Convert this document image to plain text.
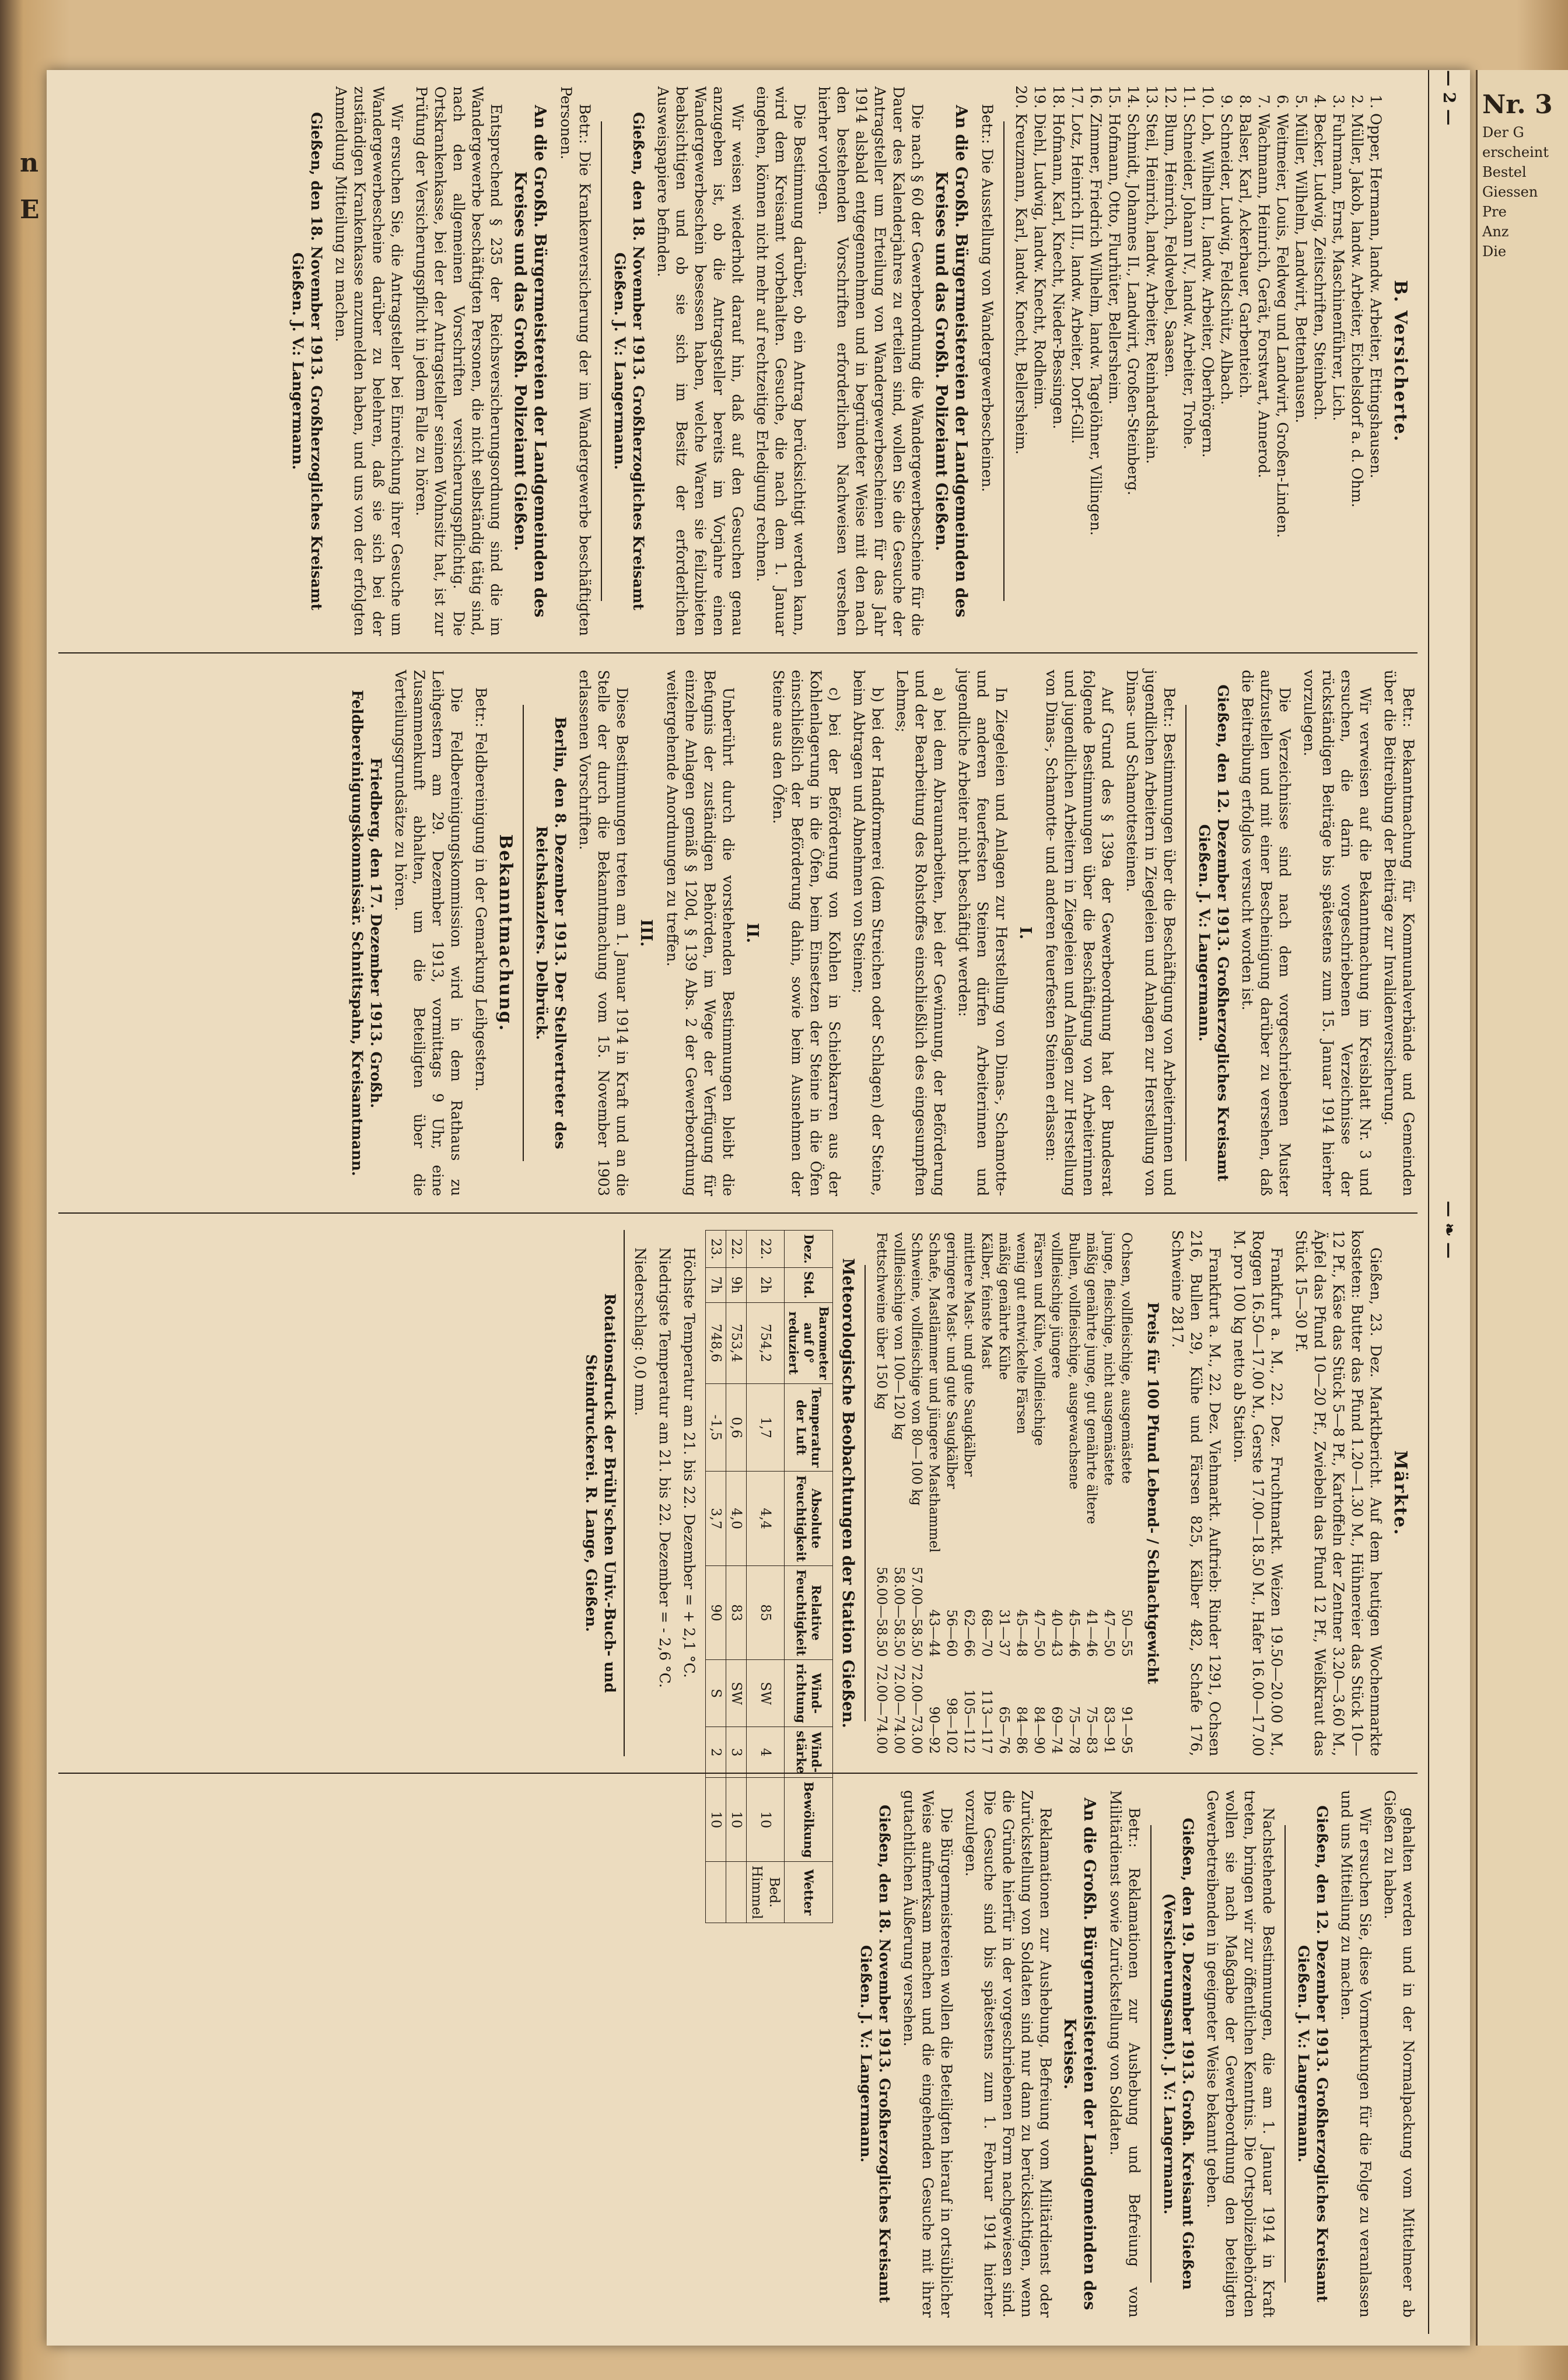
n E
— 2 —
— ❧ —
B. Versicherte.
1. Opper, Hermann, landw. Arbeiter, Ettingshausen.
2. Müller, Jakob, landw. Arbeiter, Eichelsdorf a. d. Ohm.
3. Fuhrmann, Ernst, Maschinenführer, Lich.
4. Becker, Ludwig, Zeitschriften, Steinbach.
5. Müller, Wilhelm, Landwirt, Bettenhausen.
6. Weitmeier, Louis, Feldweg und Landwirt, Großen-Linden.
7. Wachmann, Heinrich, Gerät, Forstwart, Annerod.
8. Balser, Karl, Ackerbauer, Garbenteich.
9. Schneider, Ludwig, Feldschütz, Albach.
10. Loh, Wilhelm I., landw. Arbeiter, Oberhörgern.
11. Schneider, Johann IV., landw. Arbeiter, Trohe.
12. Blum, Heinrich, Feldwebel, Saasen.
13. Steil, Heinrich, landw. Arbeiter, Reinhardshain.
14. Schmidt, Johannes II., Landwirt, Großen-Steinberg.
15. Hofmann, Otto, Flurhüter, Bellersheim.
16. Zimmer, Friedrich Wilhelm, landw. Tagelöhner, Villingen.
17. Lotz, Heinrich III., landw. Arbeiter, Dorf-Gill.
18. Hofmann, Karl, Knecht, Nieder-Bessingen.
19. Diehl, Ludwig, landw. Knecht, Rodheim.
20. Kreuzmann, Karl, landw. Knecht, Bellersheim.

Betr.: Die Ausstellung von Wandergewerbescheinen.

An die Großh. Bürgermeistereien der Landgemeinden des Kreises und das Großh. Polizeiamt Gießen.

Die nach § 60 der Gewerbeordnung die Wandergewerbescheine für die Dauer des Kalenderjahres zu erteilen sind, wollen Sie die Gesuche der Antragsteller um Erteilung von Wandergewerbescheinen für das Jahr 1914 alsbald entgegennehmen und in begründeter Weise mit den nach den bestehenden Vorschriften erforderlichen Nachweisen versehen hierher vorlegen.

Die Bestimmung darüber, ob ein Antrag berücksichtigt werden kann, wird dem Kreisamt vorbehalten. Gesuche, die nach dem 1. Januar eingehen, können nicht mehr auf rechtzeitige Erledigung rechnen.

Wir weisen wiederholt darauf hin, daß auf den Gesuchen genau anzugeben ist, ob die Antragsteller bereits im Vorjahre einen Wandergewerbeschein besessen haben, welche Waren sie feilzubieten beabsichtigen und ob sie sich im Besitz der erforderlichen Ausweispapiere befinden.

Gießen, den 18. November 1913. Großherzogliches Kreisamt Gießen. J. V.: Langermann.

Betr.: Die Krankenversicherung der im Wandergewerbe beschäftigten Personen.

An die Großh. Bürgermeistereien der Landgemeinden des Kreises und das Großh. Polizeiamt Gießen.

Entsprechend § 235 der Reichsversicherungsordnung sind die im Wandergewerbe beschäftigten Personen, die nicht selbständig tätig sind, nach den allgemeinen Vorschriften versicherungspflichtig. Die Ortskrankenkasse, bei der der Antragsteller seinen Wohnsitz hat, ist zur Prüfung der Versicherungspflicht in jedem Falle zu hören.

Wir ersuchen Sie, die Antragsteller bei Einreichung ihrer Gesuche um Wandergewerbescheine darüber zu belehren, daß sie sich bei der zuständigen Krankenkasse anzumelden haben, und uns von der erfolgten Anmeldung Mitteilung zu machen.

Gießen, den 18. November 1913. Großherzogliches Kreisamt Gießen. J. V.: Langermann.

Betr.: Bekanntmachung für Kommunalverbände und Gemeinden über die Beitreibung der Beiträge zur Invalidenversicherung.

Wir verweisen auf die Bekanntmachung im Kreisblatt Nr. 3 und ersuchen, die darin vorgeschriebenen Verzeichnisse der rückständigen Beiträge bis spätestens zum 15. Januar 1914 hierher vorzulegen.

Die Verzeichnisse sind nach dem vorgeschriebenen Muster aufzustellen und mit einer Bescheinigung darüber zu versehen, daß die Beitreibung erfolglos versucht worden ist.

Gießen, den 12. Dezember 1913. Großherzogliches Kreisamt Gießen. J. V.: Langermann.

Betr.: Bestimmungen über die Beschäftigung von Arbeiterinnen und jugendlichen Arbeitern in Ziegeleien und Anlagen zur Herstellung von Dinas- und Schamottesteinen.

Auf Grund des § 139a der Gewerbeordnung hat der Bundesrat folgende Bestimmungen über die Beschäftigung von Arbeiterinnen und jugendlichen Arbeitern in Ziegeleien und Anlagen zur Herstellung von Dinas-, Schamotte- und anderen feuerfesten Steinen erlassen:

I.

In Ziegeleien und Anlagen zur Herstellung von Dinas-, Schamotte- und anderen feuerfesten Steinen dürfen Arbeiterinnen und jugendliche Arbeiter nicht beschäftigt werden:

a) bei dem Abraumarbeiten, bei der Gewinnung, der Beförderung und der Bearbeitung des Rohstoffes einschließlich des eingesumpften Lehmes;

b) bei der Handformerei (dem Streichen oder Schlagen) der Steine, beim Abtragen und Abnehmen von Steinen;

c) bei der Beförderung von Kohlen in Schiebkarren aus der Kohlenlagerung in die Öfen, beim Einsetzen der Steine in die Öfen einschließlich der Beförderung dahin, sowie beim Ausnehmen der Steine aus den Öfen.

II.

Unberührt durch die vorstehenden Bestimmungen bleibt die Befugnis der zuständigen Behörden, im Wege der Verfügung für einzelne Anlagen gemäß § 120d, § 139 Abs. 2 der Gewerbeordnung weitergehende Anordnungen zu treffen.

III.

Diese Bestimmungen treten am 1. Januar 1914 in Kraft und an die Stelle der durch die Bekanntmachung vom 15. November 1903 erlassenen Vorschriften.

Berlin, den 8. Dezember 1913. Der Stellvertreter des Reichskanzlers. Delbrück.

Bekanntmachung.

Betr.: Feldbereinigung in der Gemarkung Leihgestern.

Die Feldbereinigungskommission wird in dem Rathaus zu Leihgestern am 29. Dezember 1913, vormittags 9 Uhr, eine Zusammenkunft abhalten, um die Beteiligten über die Verteilungsgrundsätze zu hören.

Friedberg, den 17. Dezember 1913. Großh. Feldbereinigungskommissär. Schnittspahn, Kreisamtmann.

Märkte.

Gießen, 23. Dez. Marktbericht. Auf dem heutigen Wochenmarkte kosteten: Butter das Pfund 1.20—1.30 M., Hühnereier das Stück 10—12 Pf., Käse das Stück 5—8 Pf., Kartoffeln der Zentner 3.20—3.60 M., Äpfel das Pfund 10—20 Pf., Zwiebeln das Pfund 12 Pf., Weißkraut das Stück 15—30 Pf.

Frankfurt a. M., 22. Dez. Fruchtmarkt. Weizen 19.50—20.00 M., Roggen 16.50—17.00 M., Gerste 17.00—18.50 M., Hafer 16.00—17.00 M. pro 100 kg netto ab Station.

Frankfurt a. M., 22. Dez. Viehmarkt. Auftrieb: Rinder 1291, Ochsen 216, Bullen 29, Kühe und Färsen 825, Kälber 482, Schafe 176, Schweine 2817.

Preis für 100 Pfund Lebend- / Schlachtgewicht

Ochsen, vollfleischige, ausgemästete	50—55	91—95
junge, fleischige, nicht ausgemästete	47—50	83—91
mäßig genährte junge, gut genährte ältere	41—46	75—83
Bullen, vollfleischige, ausgewachsene	45—46	75—78
vollfleischige jüngere	40—43	69—74
Färsen und Kühe, vollfleischige	47—50	84—90
wenig gut entwickelte Färsen	45—48	84—86
mäßig genährte Kühe	31—37	65—76
Kälber, feinste Mast	68—70	113—117
mittlere Mast- und gute Saugkälber	62—66	105—112
geringere Mast- und gute Saugkälber	56—60	98—102
Schafe, Mastlämmer und jüngere Masthammel	43—44	90—92
Schweine, vollfleischige von 80—100 kg	57.00—58.50	72.00—73.00
vollfleischige von 100—120 kg	58.00—58.50	72.00—74.00
Fettschweine über 150 kg	56.00—58.50	72.00—74.00
Meteorologische Beobachtungen der Station Gießen.
Dez.	Std.	Barometer auf 0° reduziert	Temperatur der Luft	Absolute Feuchtigkeit	Relative Feuchtigkeit	Wind-richtung	Wind-stärke	Bewölkung	Wetter
22.	2h	754,2	1,7	4,4	85	SW	4	10	Bed. Himmel
22.	9h	753,4	0,6	4,0	83	SW	3	10	
23.	7h	748,6	-1,5	3,7	90	S	2	10	

Höchste Temperatur am 21. bis 22. Dezember = + 2,1 °C.

Niedrigste Temperatur am 21. bis 22. Dezember = - 2,6 °C.

Niederschlag: 0,0 mm.

Rotationsdruck der Brühl'schen Univ.-Buch- und Steindruckerei. R. Lange, Gießen.

gehalten werden und in der Normalpackung vom Mittelmeer ab Gießen zu haben.

Wir ersuchen Sie, diese Vormerkungen für die Folge zu veranlassen und uns Mitteilung zu machen.

Gießen, den 12. Dezember 1913. Großherzogliches Kreisamt Gießen. J. V.: Langermann.

Nachstehende Bestimmungen, die am 1. Januar 1914 in Kraft treten, bringen wir zur öffentlichen Kenntnis. Die Ortspolizeibehörden wollen sie nach Maßgabe der Gewerbeordnung den beteiligten Gewerbetreibenden in geeigneter Weise bekannt geben.

Gießen, den 19. Dezember 1913. Großh. Kreisamt Gießen (Versicherungsamt). J. V.: Langermann.

Betr.: Reklamationen zur Aushebung und Befreiung vom Militärdienst sowie Zurückstellung von Soldaten.

An die Großh. Bürgermeistereien der Landgemeinden des Kreises.

Reklamationen zur Aushebung, Befreiung vom Militärdienst oder Zurückstellung von Soldaten sind nur dann zu berücksichtigen, wenn die Gründe hierfür in der vorgeschriebenen Form nachgewiesen sind. Die Gesuche sind bis spätestens zum 1. Februar 1914 hierher vorzulegen.

Die Bürgermeistereien wollen die Beteiligten hierauf in ortsüblicher Weise aufmerksam machen und die eingehenden Gesuche mit ihrer gutachtlichen Äußerung versehen.

Gießen, den 18. November 1913. Großherzogliches Kreisamt Gießen. J. V.: Langermann.

Nr. 3
Der G
erscheint
Bestel
Giessen
Pre
Anz
Die
